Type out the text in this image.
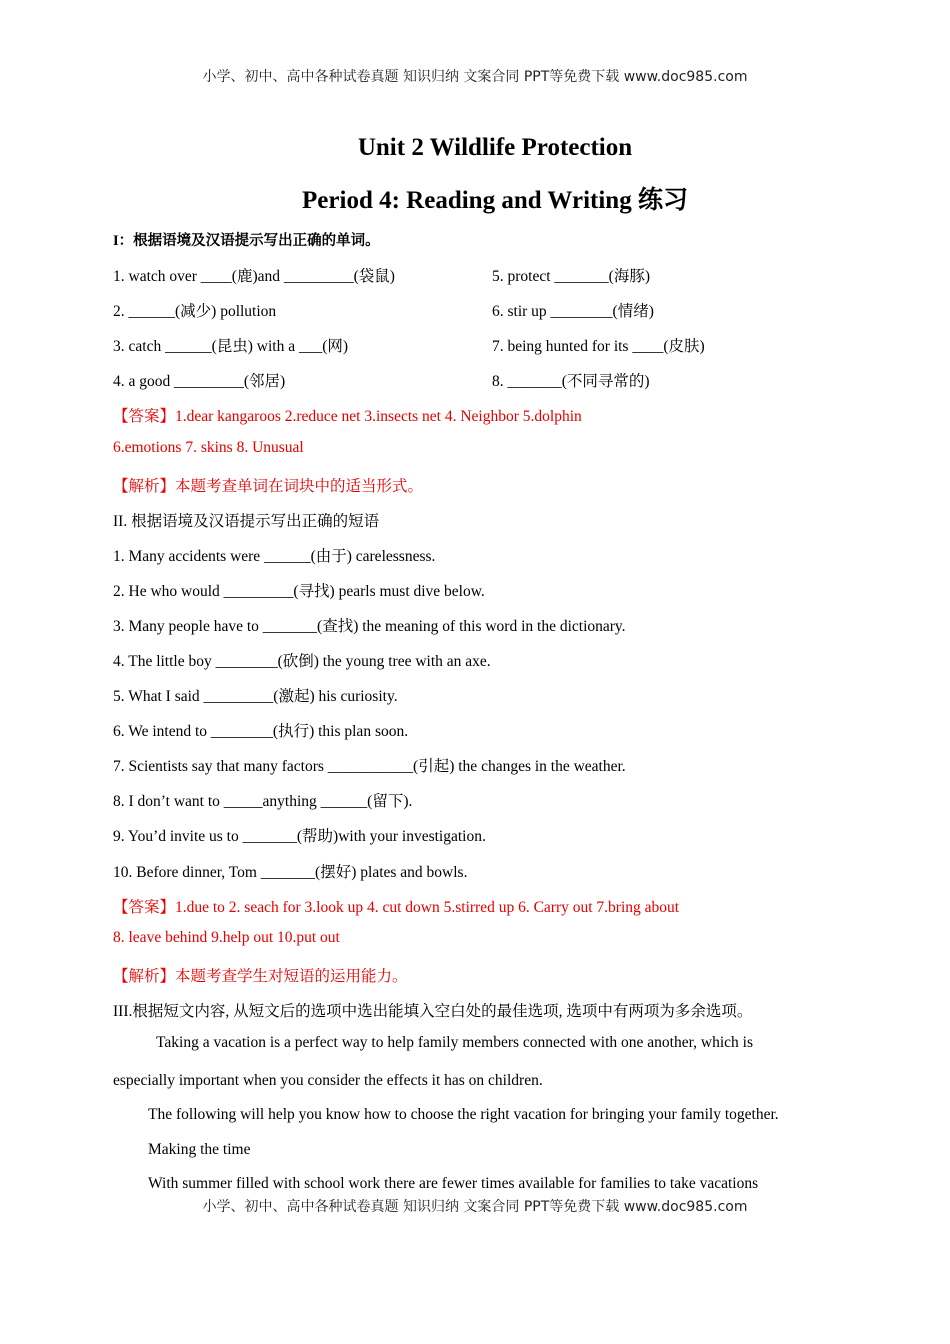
小学、初中、高中各种试卷真题 知识归纳 文案合同 PPT等免费下载 www.doc985.com
Unit 2 Wildlife Protection
Period 4: Reading and Writing 练习
I：根据语境及汉语提示写出正确的单词。
1. watch over ____(鹿)and _________(袋鼠)
2. ______(减少) pollution
3. catch ______(昆虫) with a ___(网)
4. a good _________(邻居)
5. protect _______(海豚)
6. stir up ________(情绪)
7. being hunted for its ____(皮肤)
8. _______(不同寻常的)
【答案】1.dear kangaroos 2.reduce net 3.insects net 4. Neighbor 5.dolphin
6.emotions 7. skins 8. Unusual
【解析】本题考查单词在词块中的适当形式。
II. 根据语境及汉语提示写出正确的短语
1. Many accidents were ______(由于) carelessness.
2. He who would _________(寻找) pearls must dive below.
3. Many people have to _______(查找) the meaning of this word in the dictionary.
4. The little boy ________(砍倒) the young tree with an axe.
5. What I said _________(激起) his curiosity.
6. We intend to ________(执行) this plan soon.
7. Scientists say that many factors ___________(引起) the changes in the weather.
8. I don’t want to _____anything ______(留下).
9. You’d invite us to _______(帮助)with your investigation.
10. Before dinner, Tom _______(摆好) plates and bowls.
【答案】1.due to 2. seach for 3.look up 4. cut down 5.stirred up 6. Carry out 7.bring about
8. leave behind 9.help out 10.put out
【解析】本题考查学生对短语的运用能力。
III.根据短文内容, 从短文后的选项中选出能填入空白处的最佳选项, 选项中有两项为多余选项。
Taking a vacation is a perfect way to help family members connected with one another, which is
especially important when you consider the effects it has on children.
The following will help you know how to choose the right vacation for bringing your family together.
Making the time
With summer filled with school work there are fewer times available for families to take vacations
小学、初中、高中各种试卷真题 知识归纳 文案合同 PPT等免费下载 www.doc985.com
